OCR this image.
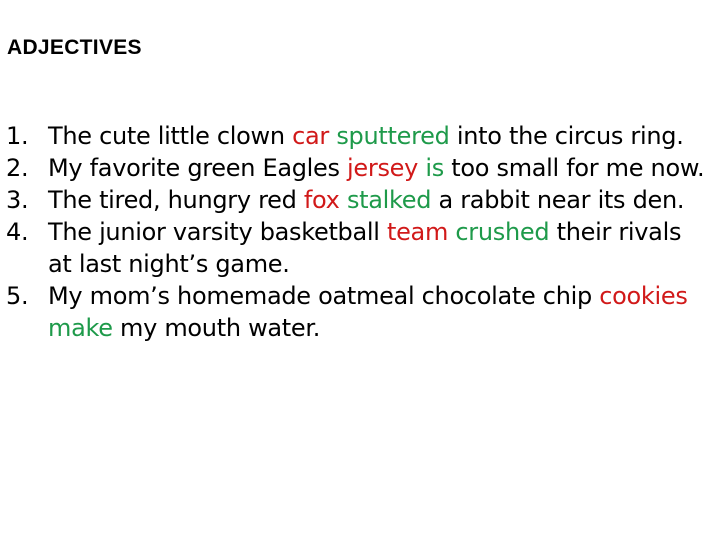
ADJECTIVES
1. The cute little clown car sputtered into the circus ring.
2. My favorite green Eagles jersey is too small for me now.
3. The tired, hungry red fox stalked a rabbit near its den.
4. The junior varsity basketball team crushed their rivals at last night’s game.
5. My mom’s homemade oatmeal chocolate chip cookies make my mouth water.
